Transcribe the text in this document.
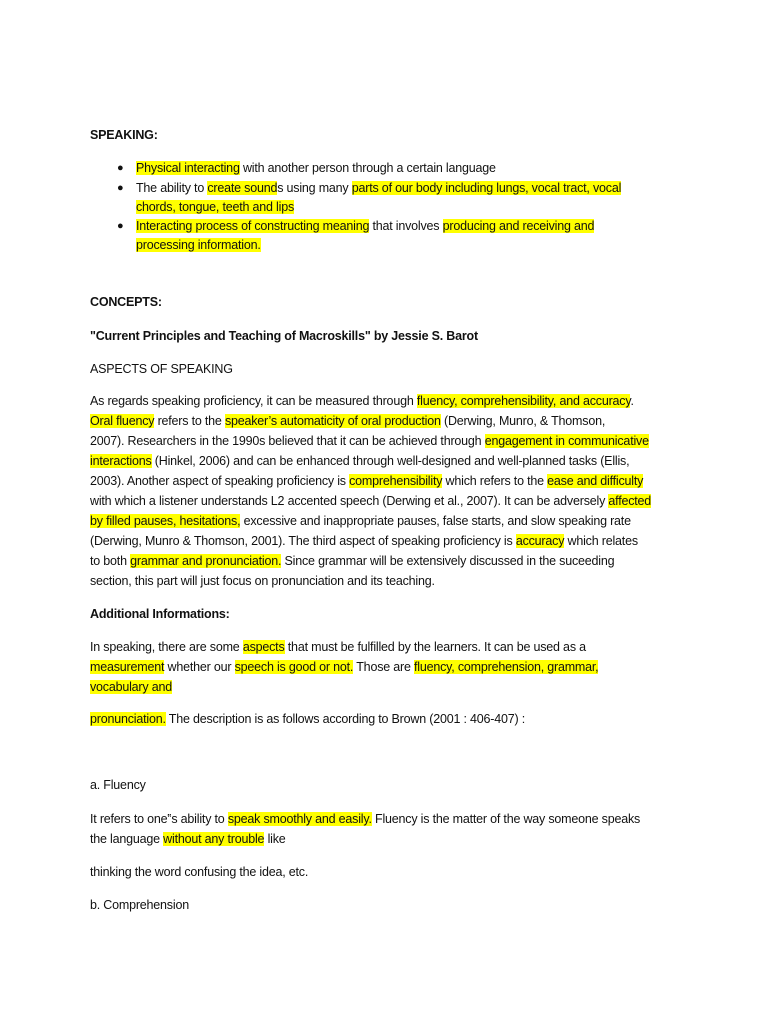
SPEAKING:
● Physical interacting with another person through a certain language
● The ability to create sounds using many parts of our body including lungs, vocal tract, vocal
chords, tongue, teeth and lips
● Interacting process of constructing meaning that involves producing and receiving and
processing information.
CONCEPTS:
"Current Principles and Teaching of Macroskills" by Jessie S. Barot
ASPECTS OF SPEAKING
As regards speaking proficiency, it can be measured through fluency, comprehensibility, and accuracy.
Oral fluency refers to the speaker’s automaticity of oral production (Derwing, Munro, & Thomson,
2007). Researchers in the 1990s believed that it can be achieved through engagement in communicative
interactions (Hinkel, 2006) and can be enhanced through well-designed and well-planned tasks (Ellis,
2003). Another aspect of speaking proficiency is comprehensibility which refers to the ease and difficulty
with which a listener understands L2 accented speech (Derwing et al., 2007). It can be adversely affected
by filled pauses, hesitations, excessive and inappropriate pauses, false starts, and slow speaking rate
(Derwing, Munro & Thomson, 2001). The third aspect of speaking proficiency is accuracy which relates
to both grammar and pronunciation. Since grammar will be extensively discussed in the suceeding
section, this part will just focus on pronunciation and its teaching.
Additional Informations:
In speaking, there are some aspects that must be fulfilled by the learners. It can be used as a
measurement whether our speech is good or not. Those are fluency, comprehension, grammar,
vocabulary and
pronunciation. The description is as follows according to Brown (2001 : 406-407) :
a. Fluency
It refers to one‟s ability to speak smoothly and easily. Fluency is the matter of the way someone speaks
the language without any trouble like
thinking the word confusing the idea, etc.
b. Comprehension
